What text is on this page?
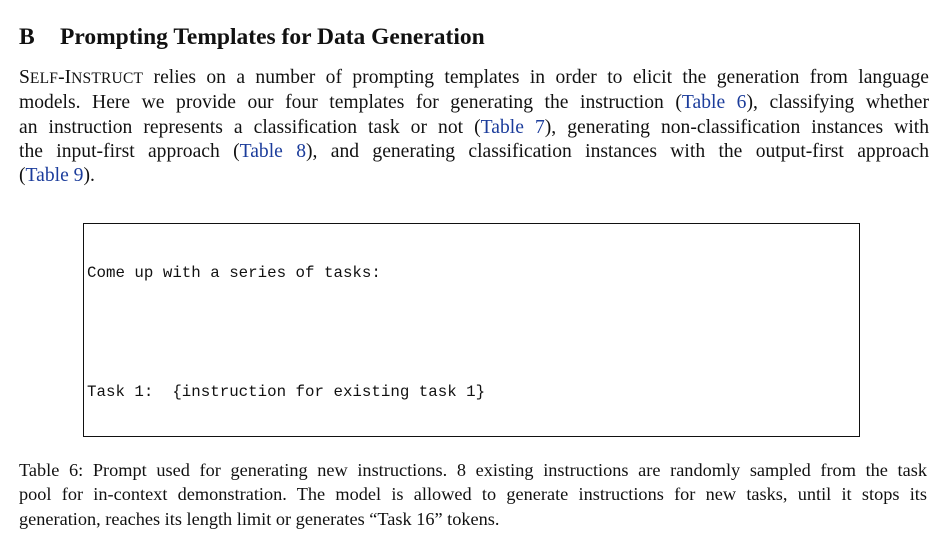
B Prompting Templates for Data Generation

SELF-INSTRUCT relies on a number of prompting templates in order to elicit the generation from language
models. Here we provide our four templates for generating the instruction (Table 6), classifying whether
an instruction represents a classification task or not (Table 7), generating non-classification instances with
the input-first approach (Table 8), and generating classification instances with the output-first approach
(Table 9).

Come up with a series of tasks:

Task 1:  {instruction for existing task 1}

Table 6: Prompt used for generating new instructions. 8 existing instructions are randomly sampled from the task
pool for in-context demonstration. The model is allowed to generate instructions for new tasks, until it stops its
generation, reaches its length limit or generates “Task 16” tokens.
